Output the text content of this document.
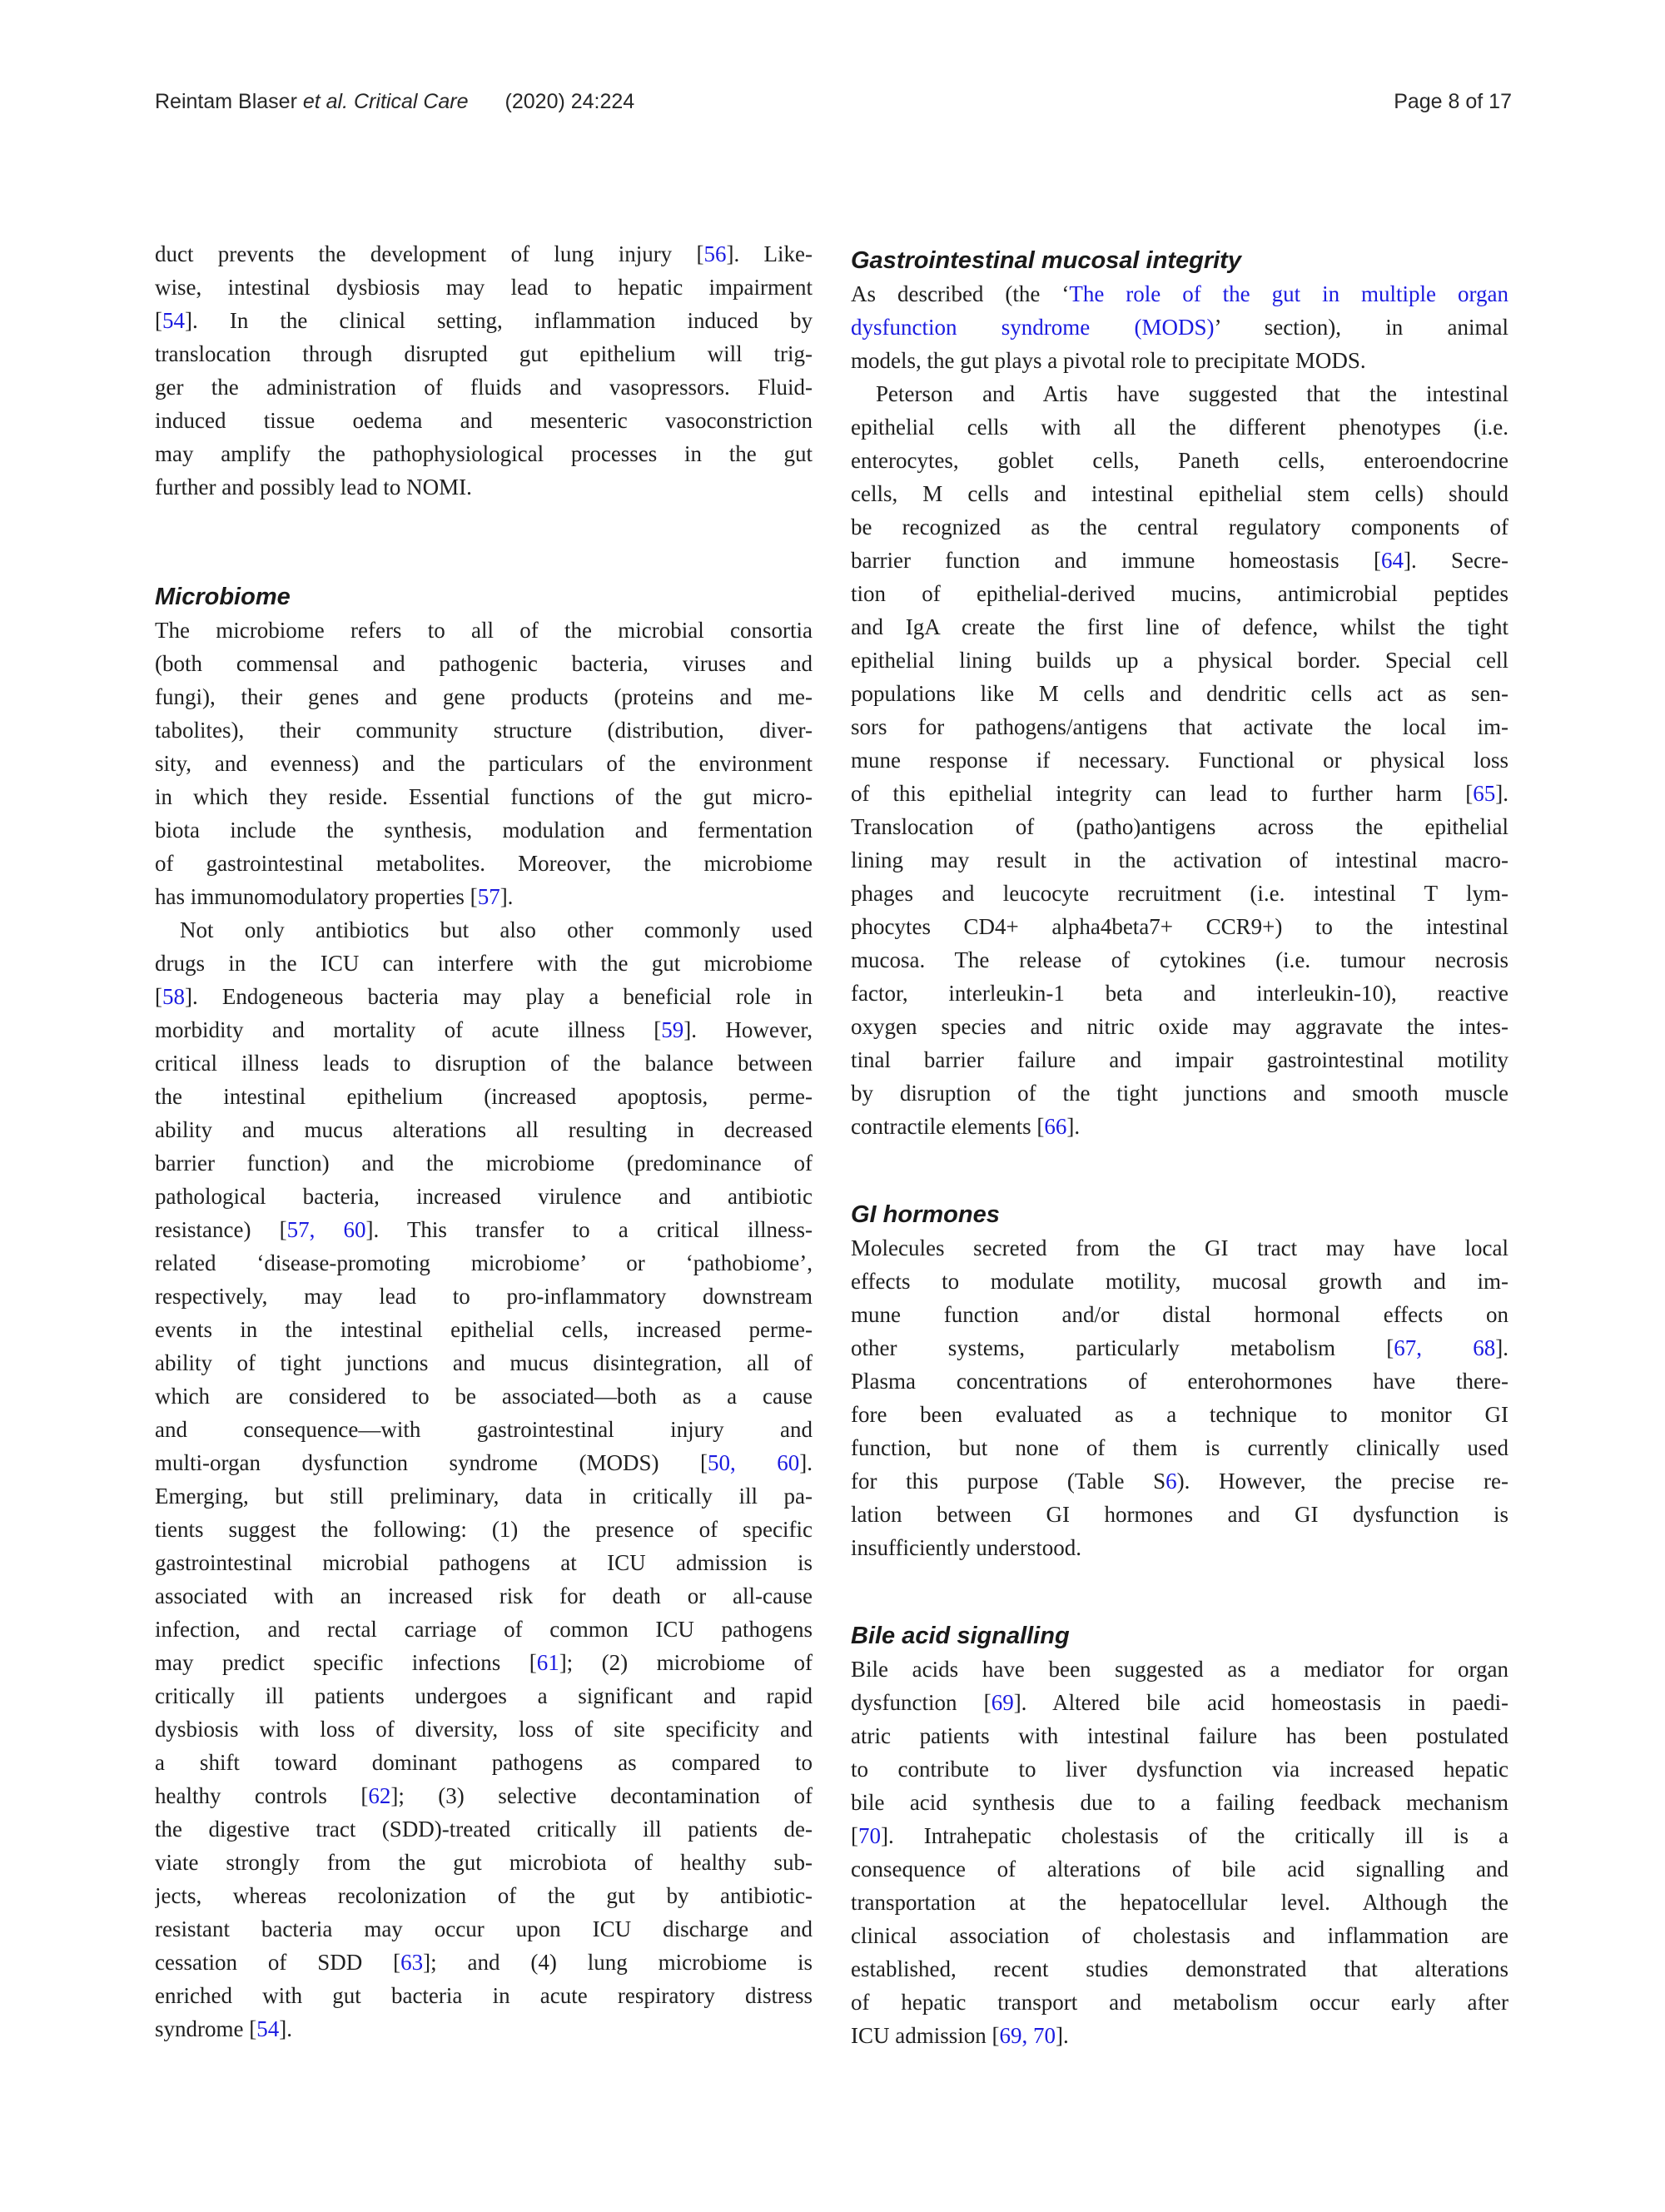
Reintam Blaser et al. Critical Care (2020) 24:224	Page 8 of 17
duct prevents the development of lung injury [56]. Like-
wise, intestinal dysbiosis may lead to hepatic impairment
[54]. In the clinical setting, inflammation induced by
translocation through disrupted gut epithelium will trig-
ger the administration of fluids and vasopressors. Fluid-
induced tissue oedema and mesenteric vasoconstriction
may amplify the pathophysiological processes in the gut
further and possibly lead to NOMI.
Microbiome
The microbiome refers to all of the microbial consortia
(both commensal and pathogenic bacteria, viruses and
fungi), their genes and gene products (proteins and me-
tabolites), their community structure (distribution, diver-
sity, and evenness) and the particulars of the environment
in which they reside. Essential functions of the gut micro-
biota include the synthesis, modulation and fermentation
of gastrointestinal metabolites. Moreover, the microbiome
has immunomodulatory properties [57].
Not only antibiotics but also other commonly used
drugs in the ICU can interfere with the gut microbiome
[58]. Endogeneous bacteria may play a beneficial role in
morbidity and mortality of acute illness [59]. However,
critical illness leads to disruption of the balance between
the intestinal epithelium (increased apoptosis, perme-
ability and mucus alterations all resulting in decreased
barrier function) and the microbiome (predominance of
pathological bacteria, increased virulence and antibiotic
resistance) [57, 60]. This transfer to a critical illness-
related ‘disease-promoting microbiome’ or ‘pathobiome’,
respectively, may lead to pro-inflammatory downstream
events in the intestinal epithelial cells, increased perme-
ability of tight junctions and mucus disintegration, all of
which are considered to be associated—both as a cause
and consequence—with gastrointestinal injury and
multi-organ dysfunction syndrome (MODS) [50, 60].
Emerging, but still preliminary, data in critically ill pa-
tients suggest the following: (1) the presence of specific
gastrointestinal microbial pathogens at ICU admission is
associated with an increased risk for death or all-cause
infection, and rectal carriage of common ICU pathogens
may predict specific infections [61]; (2) microbiome of
critically ill patients undergoes a significant and rapid
dysbiosis with loss of diversity, loss of site specificity and
a shift toward dominant pathogens as compared to
healthy controls [62]; (3) selective decontamination of
the digestive tract (SDD)-treated critically ill patients de-
viate strongly from the gut microbiota of healthy sub-
jects, whereas recolonization of the gut by antibiotic-
resistant bacteria may occur upon ICU discharge and
cessation of SDD [63]; and (4) lung microbiome is
enriched with gut bacteria in acute respiratory distress
syndrome [54].
Gastrointestinal mucosal integrity
As described (the ‘The role of the gut in multiple organ
dysfunction syndrome (MODS)’ section), in animal
models, the gut plays a pivotal role to precipitate MODS.
Peterson and Artis have suggested that the intestinal
epithelial cells with all the different phenotypes (i.e.
enterocytes, goblet cells, Paneth cells, enteroendocrine
cells, M cells and intestinal epithelial stem cells) should
be recognized as the central regulatory components of
barrier function and immune homeostasis [64]. Secre-
tion of epithelial-derived mucins, antimicrobial peptides
and IgA create the first line of defence, whilst the tight
epithelial lining builds up a physical border. Special cell
populations like M cells and dendritic cells act as sen-
sors for pathogens/antigens that activate the local im-
mune response if necessary. Functional or physical loss
of this epithelial integrity can lead to further harm [65].
Translocation of (patho)antigens across the epithelial
lining may result in the activation of intestinal macro-
phages and leucocyte recruitment (i.e. intestinal T lym-
phocytes CD4+ alpha4beta7+ CCR9+) to the intestinal
mucosa. The release of cytokines (i.e. tumour necrosis
factor, interleukin-1 beta and interleukin-10), reactive
oxygen species and nitric oxide may aggravate the intes-
tinal barrier failure and impair gastrointestinal motility
by disruption of the tight junctions and smooth muscle
contractile elements [66].
GI hormones
Molecules secreted from the GI tract may have local
effects to modulate motility, mucosal growth and im-
mune function and/or distal hormonal effects on
other systems, particularly metabolism [67, 68].
Plasma concentrations of enterohormones have there-
fore been evaluated as a technique to monitor GI
function, but none of them is currently clinically used
for this purpose (Table S6). However, the precise re-
lation between GI hormones and GI dysfunction is
insufficiently understood.
Bile acid signalling
Bile acids have been suggested as a mediator for organ
dysfunction [69]. Altered bile acid homeostasis in paedi-
atric patients with intestinal failure has been postulated
to contribute to liver dysfunction via increased hepatic
bile acid synthesis due to a failing feedback mechanism
[70]. Intrahepatic cholestasis of the critically ill is a
consequence of alterations of bile acid signalling and
transportation at the hepatocellular level. Although the
clinical association of cholestasis and inflammation are
established, recent studies demonstrated that alterations
of hepatic transport and metabolism occur early after
ICU admission [69, 70].
